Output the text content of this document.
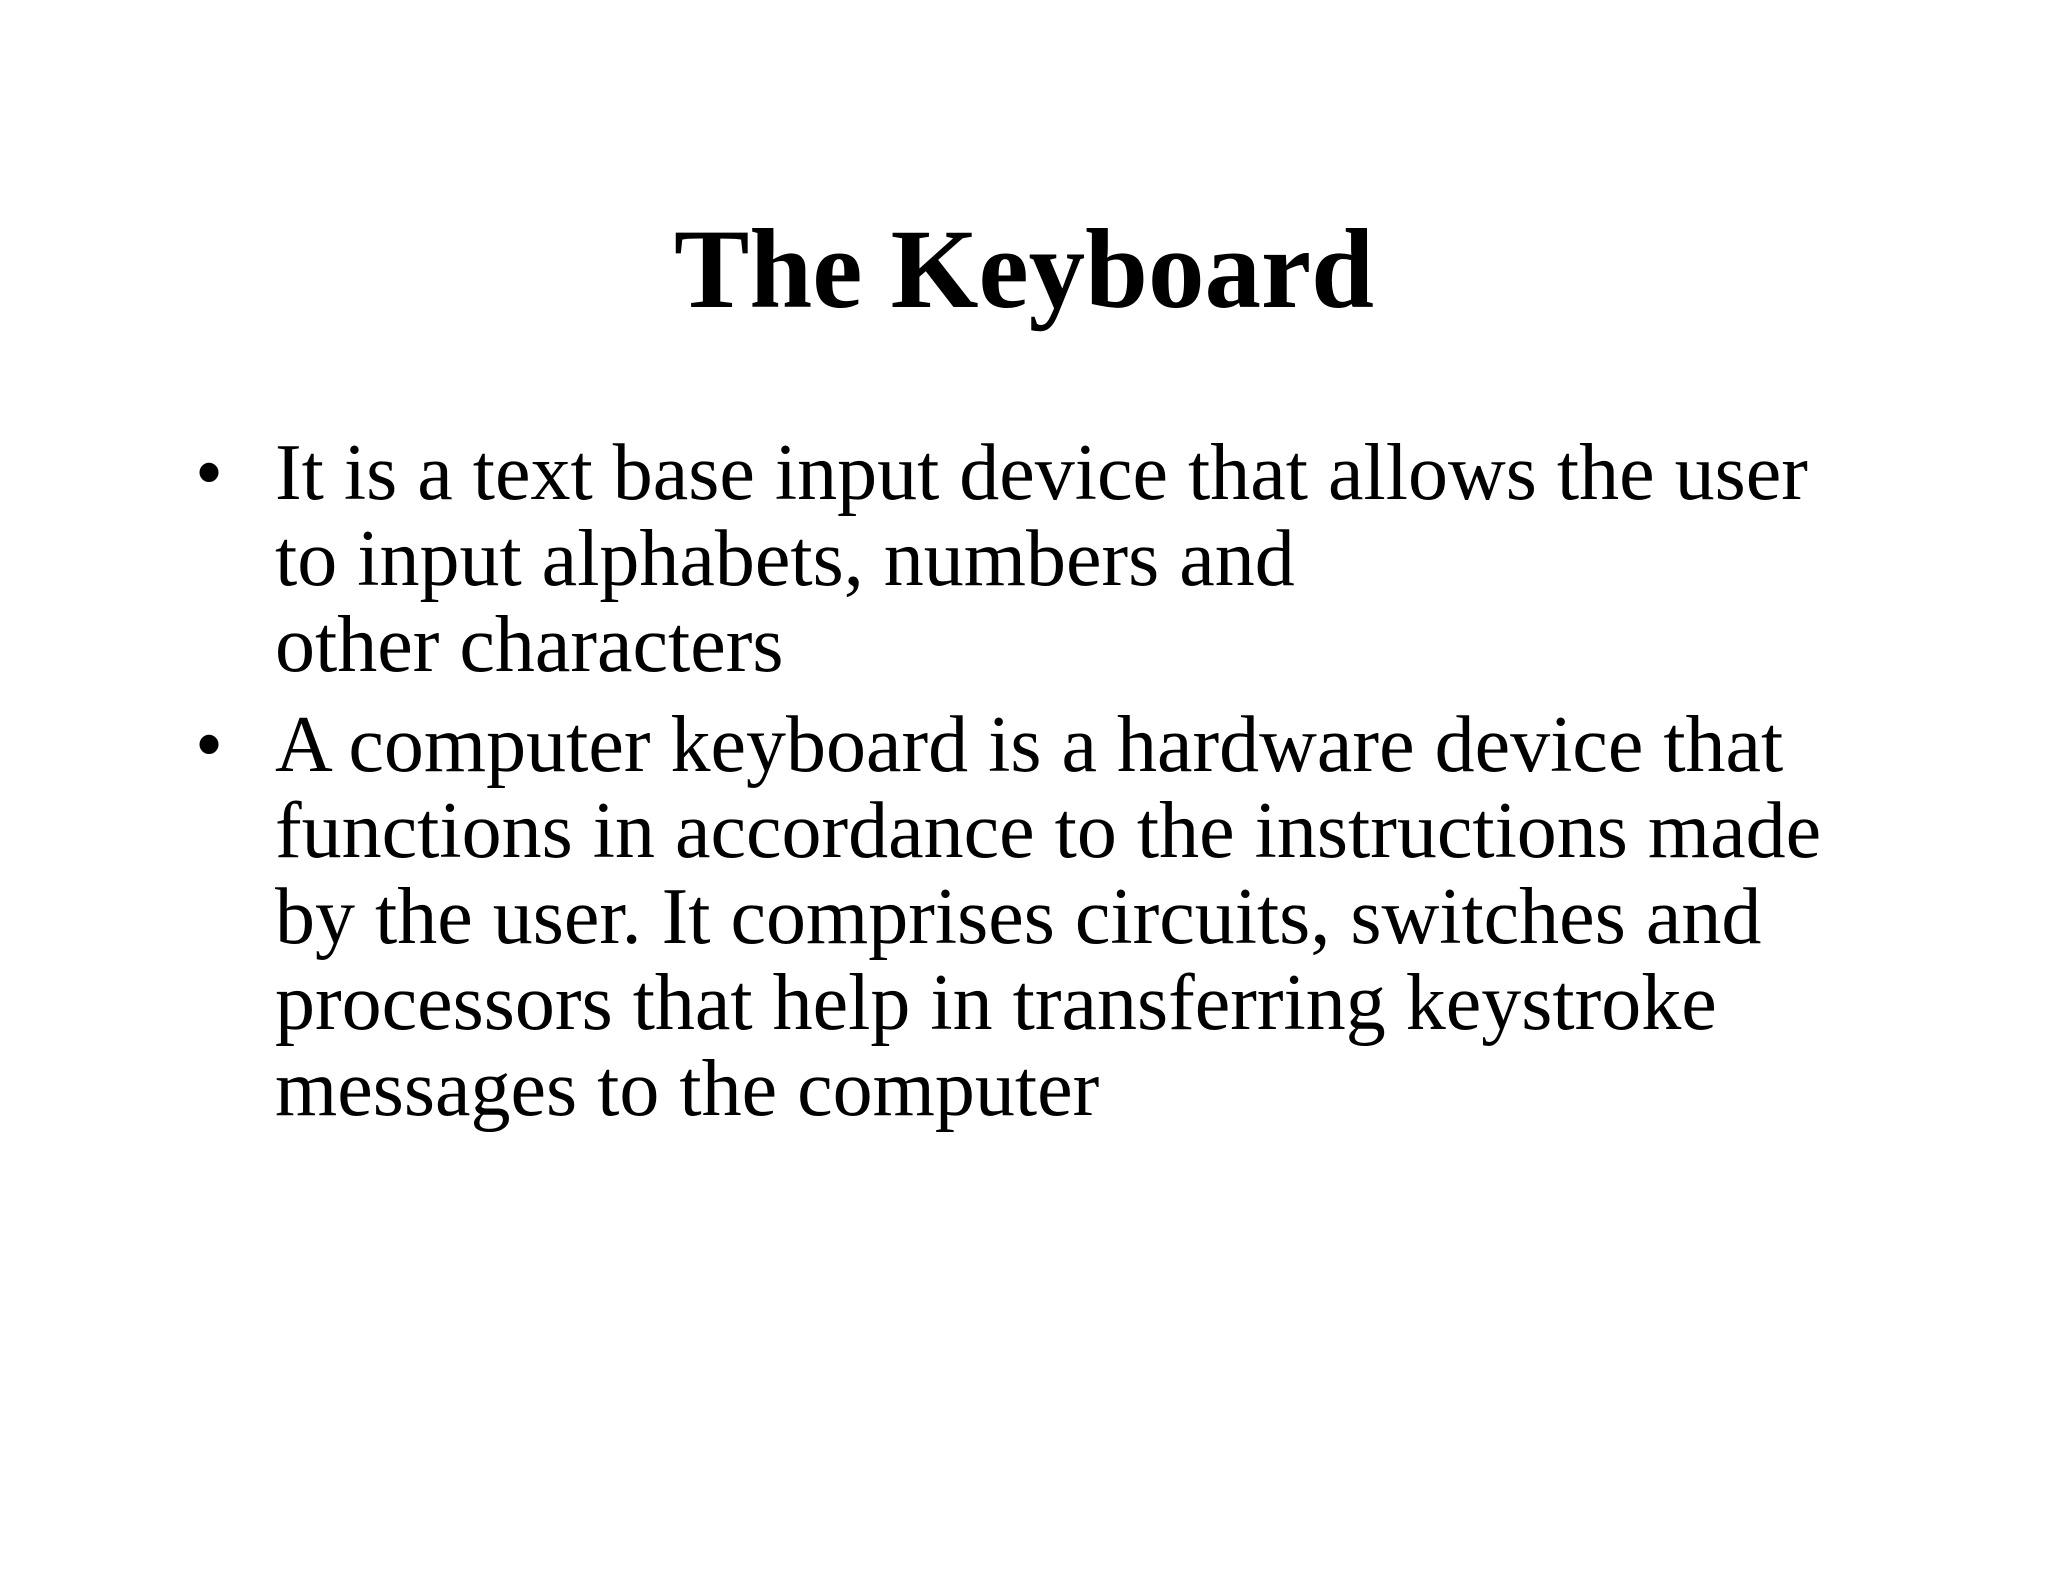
The Keyboard
• It is a text base input device that allows the user
to input alphabets, numbers and
other characters
• A computer keyboard is a hardware device that
functions in accordance to the instructions made
by the user. It comprises circuits, switches and
processors that help in transferring keystroke
messages to the computer
